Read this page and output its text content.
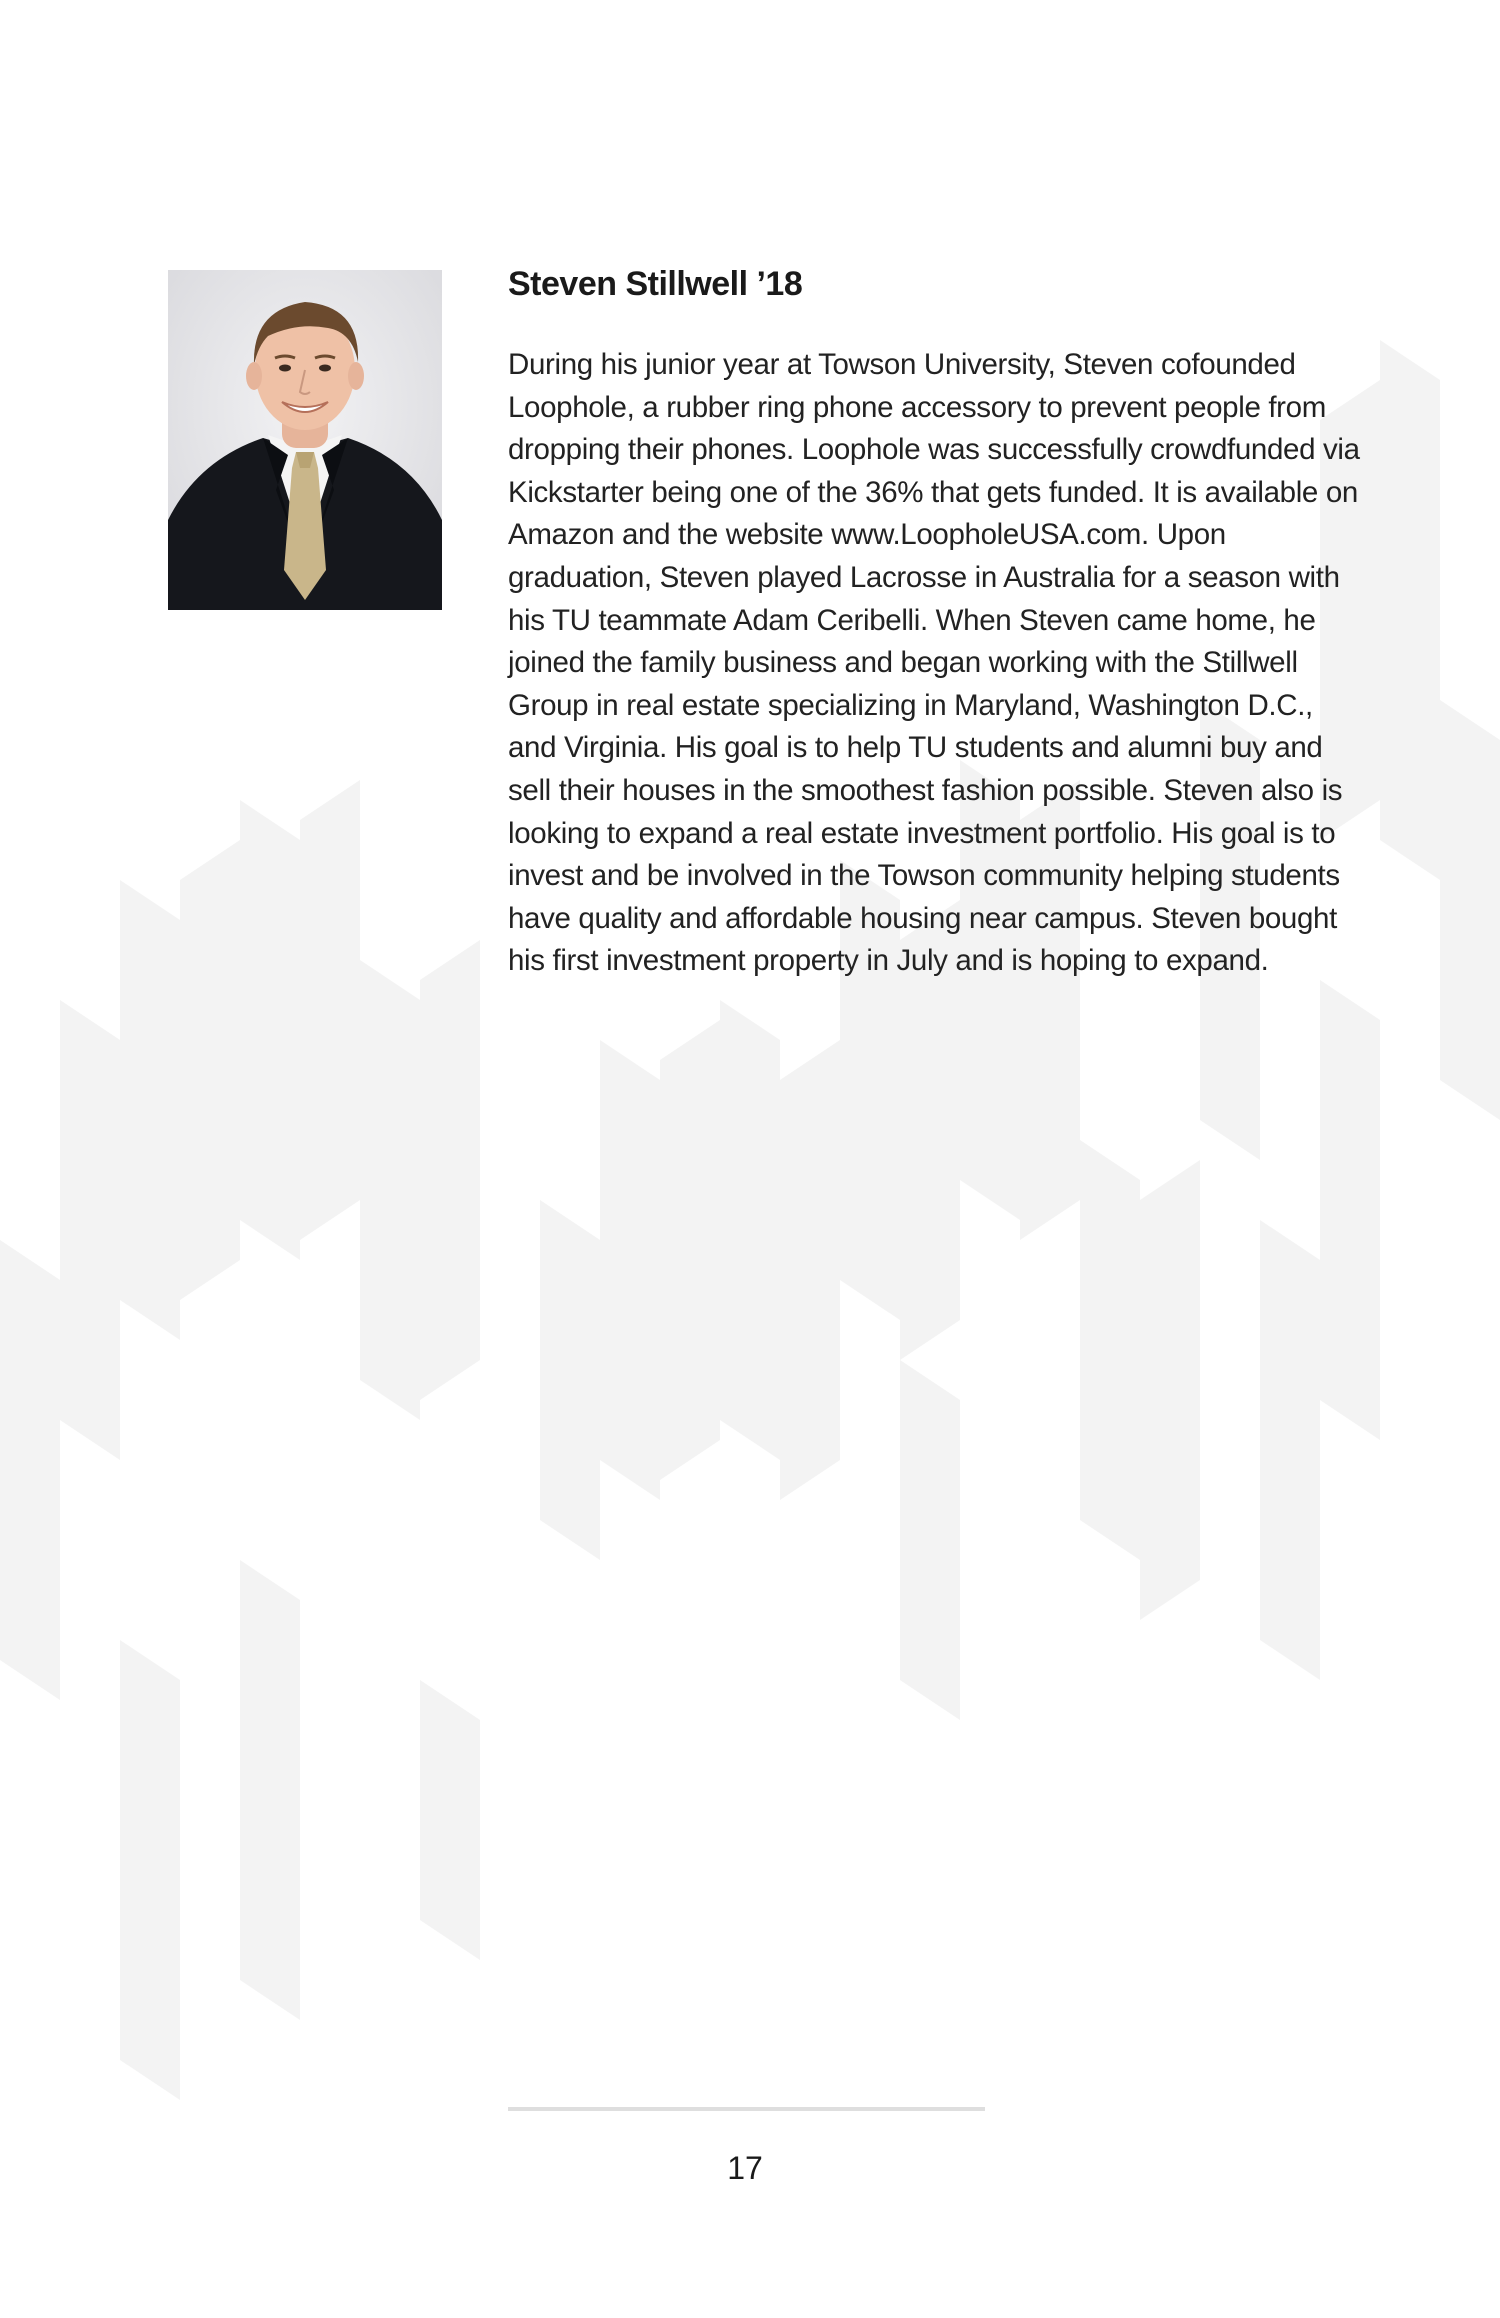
Steven Stillwell ’18

During his junior year at Towson University, Steven cofounded Loophole, a rubber ring phone accessory to prevent people from dropping their phones. Loophole was successfully crowdfunded via Kickstarter being one of the 36% that gets funded. It is available on Amazon and the website www.LoopholeUSA.com. Upon graduation, Steven played Lacrosse in Australia for a season with his TU teammate Adam Ceribelli. When Steven came home, he joined the family business and began working with the Stillwell Group in real estate specializing in Maryland, Washington D.C., and Virginia. His goal is to help TU students and alumni buy and sell their houses in the smoothest fashion possible. Steven also is looking to expand a real estate investment portfolio. His goal is to invest and be involved in the Towson community helping students have quality and affordable housing near campus. Steven bought his first investment property in July and is hoping to expand.

17
